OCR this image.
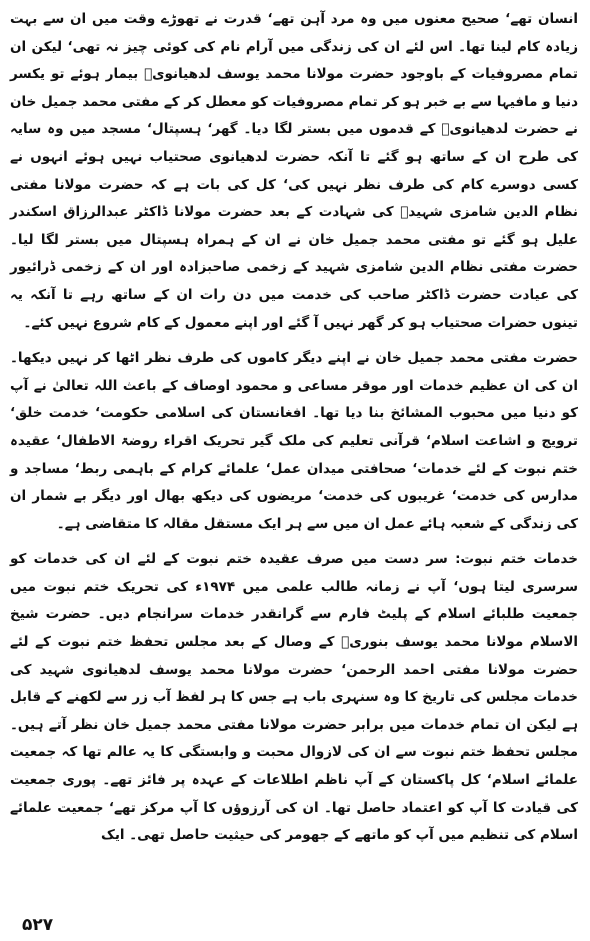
انسان تھے‘ صحیح معنوں میں وہ مرد آہن تھے‘ قدرت نے تھوڑے وقت میں ان سے بہت زیادہ کام لینا تھا۔ اس لئے ان کی زندگی میں آرام نام کی کوئی چیز نہ تھی‘ لیکن ان تمام مصروفیات کے باوجود حضرت مولانا محمد یوسف لدھیانویؒ بیمار ہوئے تو یکسر دنیا و مافیہا سے بے خبر ہو کر تمام مصروفیات کو معطل کر کے مفتی محمد جمیل خان نے حضرت لدھیانویؒ کے قدموں میں بستر لگا دیا۔ گھر‘ ہسپتال‘ مسجد میں وہ سایہ کی طرح ان کے ساتھ ہو گئے تا آنکہ حضرت لدھیانوی صحتیاب نہیں ہوئے انہوں نے کسی دوسرے کام کی طرف نظر نہیں کی‘ کل کی بات ہے کہ حضرت مولانا مفتی نظام الدین شامزی شہیدؒ کی شہادت کے بعد حضرت مولانا ڈاکٹر عبدالرزاق اسکندر علیل ہو گئے تو مفتی محمد جمیل خان نے ان کے ہمراہ ہسپتال میں بستر لگا لیا۔ حضرت مفتی نظام الدین شامزی شہید کے زخمی صاحبزادہ اور ان کے زخمی ڈرائیور کی عیادت حضرت ڈاکٹر صاحب کی خدمت میں دن رات ان کے ساتھ رہے تا آنکہ یہ تینوں حضرات صحتیاب ہو کر گھر نہیں آ گئے اور اپنے معمول کے کام شروع نہیں کئے۔

حضرت مفتی محمد جمیل خان نے اپنے دیگر کاموں کی طرف نظر اٹھا کر نہیں دیکھا۔ ان کی ان عظیم خدمات اور موقر مساعی و محمود اوصاف کے باعث اللہ تعالیٰ نے آپ کو دنیا میں محبوب المشائخ بنا دیا تھا۔ افغانستان کی اسلامی حکومت‘ خدمت خلق‘ ترویج و اشاعت اسلام‘ قرآنی تعلیم کی ملک گیر تحریک اقراء روضۃ الاطفال‘ عقیدہ ختم نبوت کے لئے خدمات‘ صحافتی میدان عمل‘ علمائے کرام کے باہمی ربط‘ مساجد و مدارس کی خدمت‘ غریبوں کی خدمت‘ مریضوں کی دیکھ بھال اور دیگر بے شمار ان کی زندگی کے شعبہ ہائے عمل ان میں سے ہر ایک مستقل مقالہ کا متقاضی ہے۔

خدمات ختم نبوت: سر دست میں صرف عقیدہ ختم نبوت کے لئے ان کی خدمات کو سرسری لیتا ہوں‘ آپ نے زمانہ طالب علمی میں ۱۹۷۴ء کی تحریک ختم نبوت میں جمعیت طلبائے اسلام کے پلیٹ فارم سے گرانقدر خدمات سرانجام دیں۔ حضرت شیخ الاسلام مولانا محمد یوسف بنوریؒ کے وصال کے بعد مجلس تحفظ ختم نبوت کے لئے حضرت مولانا مفتی احمد الرحمن‘ حضرت مولانا محمد یوسف لدھیانوی شہید کی خدمات مجلس کی تاریخ کا وہ سنہری باب ہے جس کا ہر لفظ آب زر سے لکھنے کے قابل ہے لیکن ان تمام خدمات میں برابر حضرت مولانا مفتی محمد جمیل خان نظر آتے ہیں۔ مجلس تحفظ ختم نبوت سے ان کی لازوال محبت و وابستگی کا یہ عالم تھا کہ جمعیت علمائے اسلام‘ کل پاکستان کے آپ ناظم اطلاعات کے عہدہ پر فائز تھے۔ پوری جمعیت کی قیادت کا آپ کو اعتماد حاصل تھا۔ ان کی آرزوؤں کا آپ مرکز تھے‘ جمعیت علمائے اسلام کی تنظیم میں آپ کو ماتھے کے جھومر کی حیثیت حاصل تھی۔ ایک

۵۲۷
